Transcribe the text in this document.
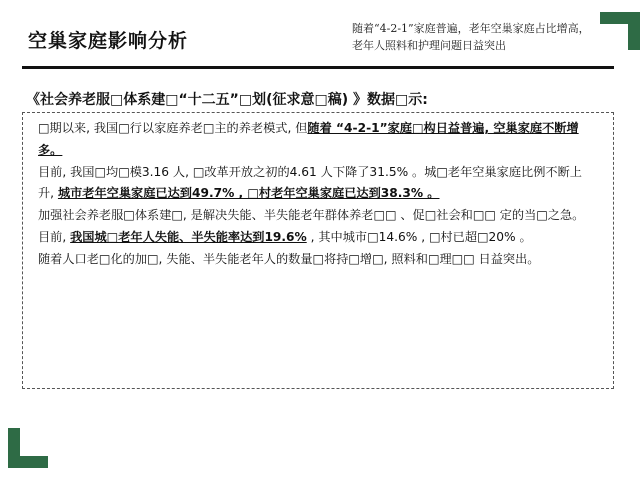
空巢家庭影响分析
随着“4-2-1”家庭普遍，老年空巢家庭占比增高，老年人照料和护理问题日益突出
《社会养老服□体系建□“十二五”□划(征求意□稿) 》数据□示:

□期以来, 我国□行以家庭养老□主的养老模式, 但随着 “4-2-1”家庭□构日益普遍, 空巢家庭不断增多。

目前, 我国□均□模3.16 人, □改革开放之初的4.61 人下降了31.5% 。城□老年空巢家庭比例不断上升, 城市老年空巢家庭已达到49.7% , □村老年空巢家庭已达到38.3% 。

加强社会养老服□体系建□, 是解决失能、半失能老年群体养老□□ 、促□社会和□□ 定的当□之急。

目前, 我国城□老年人失能、半失能率达到19.6% , 其中城市□14.6% , □村已超□20% 。

随着人口老□化的加□, 失能、半失能老年人的数量□将持□增□, 照料和□理□□ 日益突出。
